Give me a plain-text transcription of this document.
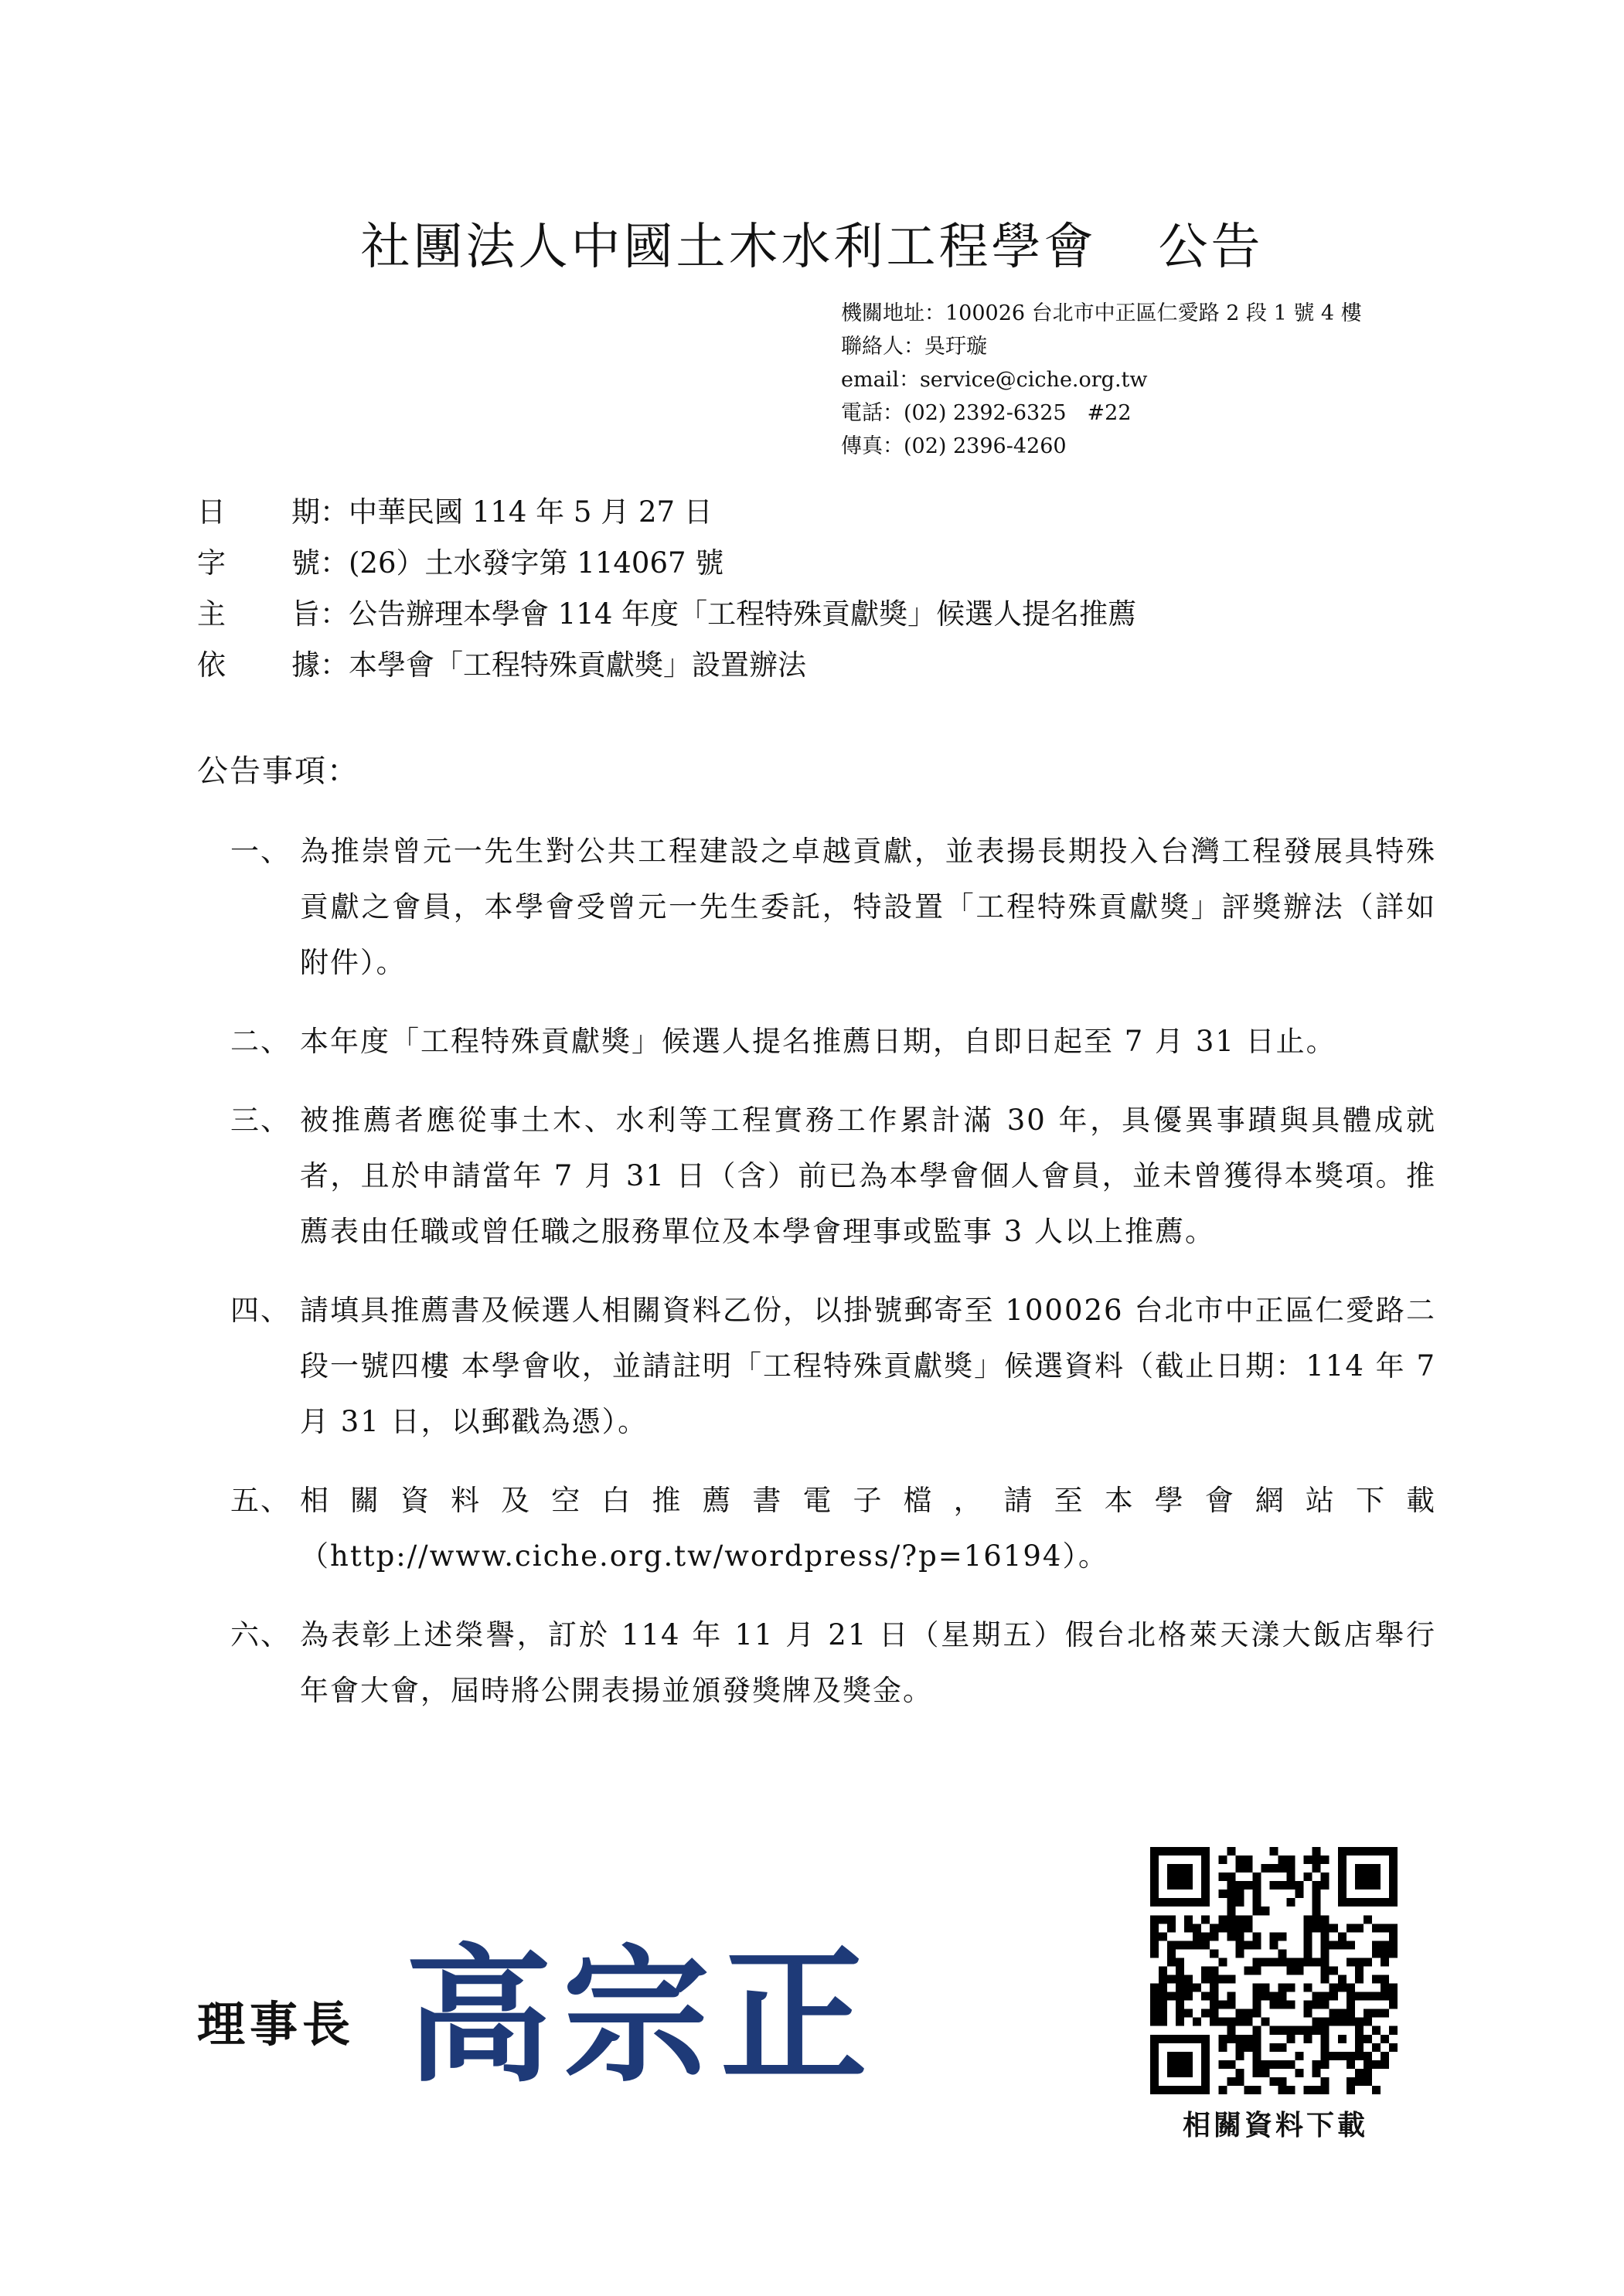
社團法人中國土木水利工程學會 公告
機關地址：100026 台北市中正區仁愛路 2 段 1 號 4 樓
聯絡人：吳玗璇
email：service@ciche.org.tw
電話：(02) 2392-6325　#22
傳真：(02) 2396-4260
日	期 ：中華民國 114 年 5 月 27 日
字	號 ：(26）土水發字第 114067 號
主	旨 ：公告辦理本學會 114 年度「工程特殊貢獻獎」候選人提名推薦
依	據 ：本學會「工程特殊貢獻獎」設置辦法
公告事項：
一、 為推崇曾元一先生對公共工程建設之卓越貢獻，並表揚長期投入台灣工程發展具特殊貢獻之會員，本學會受曾元一先生委託，特設置「工程特殊貢獻獎」評獎辦法（詳如附件）。
二、 本年度「工程特殊貢獻獎」候選人提名推薦日期，自即日起至 7 月 31 日止。
三、 被推薦者應從事土木、水利等工程實務工作累計滿 30 年，具優異事蹟與具體成就者，且於申請當年 7 月 31 日（含）前已為本學會個人會員，並未曾獲得本獎項。推薦表由任職或曾任職之服務單位及本學會理事或監事 3 人以上推薦。
四、 請填具推薦書及候選人相關資料乙份，以掛號郵寄至 100026 台北市中正區仁愛路二段一號四樓 本學會收，並請註明「工程特殊貢獻獎」候選資料（截止日期：114 年 7 月 31 日，以郵戳為憑）。
五、 相關資料及空白推薦書電子檔，請至本學會網站下載（http://www.ciche.org.tw/wordpress/?p=16194）。
六、 為表彰上述榮譽，訂於 114 年 11 月 21 日（星期五）假台北格萊天漾大飯店舉行年會大會，屆時將公開表揚並頒發獎牌及獎金。
理事長 高宗正
相關資料下載
